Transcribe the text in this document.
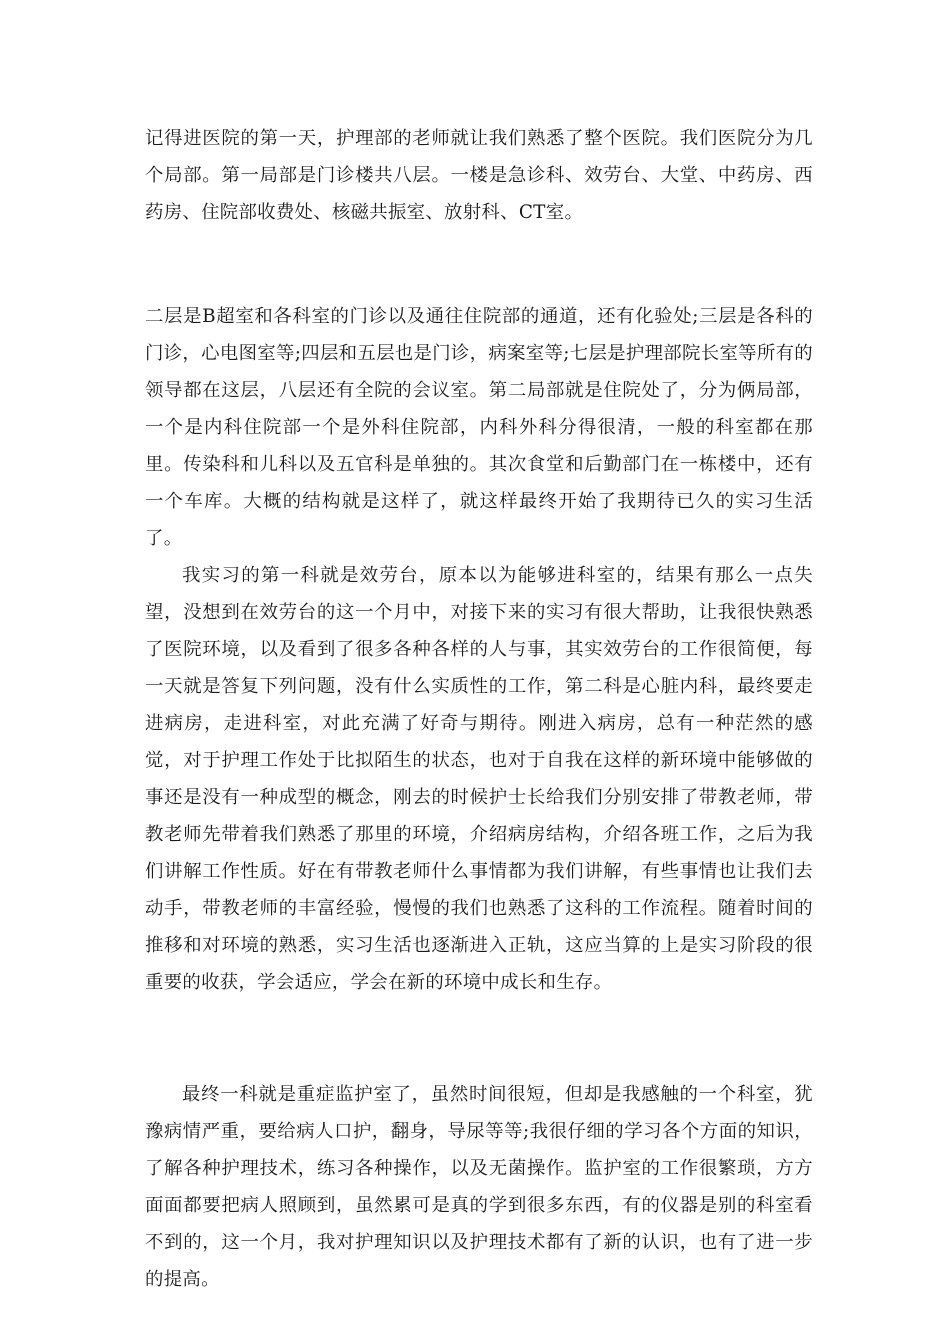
记得进医院的第一天，护理部的老师就让我们熟悉了整个医院。我们医院分为几个局部。第一局部是门诊楼共八层。一楼是急诊科、效劳台、大堂、中药房、西药房、住院部收费处、核磁共振室、放射科、CT室。

二层是B超室和各科室的门诊以及通往住院部的通道，还有化验处;三层是各科的门诊，心电图室等;四层和五层也是门诊，病案室等;七层是护理部院长室等所有的领导都在这层，八层还有全院的会议室。第二局部就是住院处了，分为俩局部，一个是内科住院部一个是外科住院部，内科外科分得很清，一般的科室都在那里。传染科和儿科以及五官科是单独的。其次食堂和后勤部门在一栋楼中，还有一个车库。大概的结构就是这样了，就这样最终开始了我期待已久的实习生活了。

我实习的第一科就是效劳台，原本以为能够进科室的，结果有那么一点失望，没想到在效劳台的这一个月中，对接下来的实习有很大帮助，让我很快熟悉了医院环境，以及看到了很多各种各样的人与事，其实效劳台的工作很简便，每一天就是答复下列问题，没有什么实质性的工作，第二科是心脏内科，最终要走进病房，走进科室，对此充满了好奇与期待。刚进入病房，总有一种茫然的感觉，对于护理工作处于比拟陌生的状态，也对于自我在这样的新环境中能够做的事还是没有一种成型的概念，刚去的时候护士长给我们分别安排了带教老师，带教老师先带着我们熟悉了那里的环境，介绍病房结构，介绍各班工作，之后为我们讲解工作性质。好在有带教老师什么事情都为我们讲解，有些事情也让我们去动手，带教老师的丰富经验，慢慢的我们也熟悉了这科的工作流程。随着时间的推移和对环境的熟悉，实习生活也逐渐进入正轨，这应当算的上是实习阶段的很重要的收获，学会适应，学会在新的环境中成长和生存。

最终一科就是重症监护室了，虽然时间很短，但却是我感触的一个科室，犹豫病情严重，要给病人口护，翻身，导尿等等;我很仔细的学习各个方面的知识，了解各种护理技术，练习各种操作，以及无菌操作。监护室的工作很繁琐，方方面面都要把病人照顾到，虽然累可是真的学到很多东西，有的仪器是别的科室看不到的，这一个月，我对护理知识以及护理技术都有了新的认识，也有了进一步的提高。
